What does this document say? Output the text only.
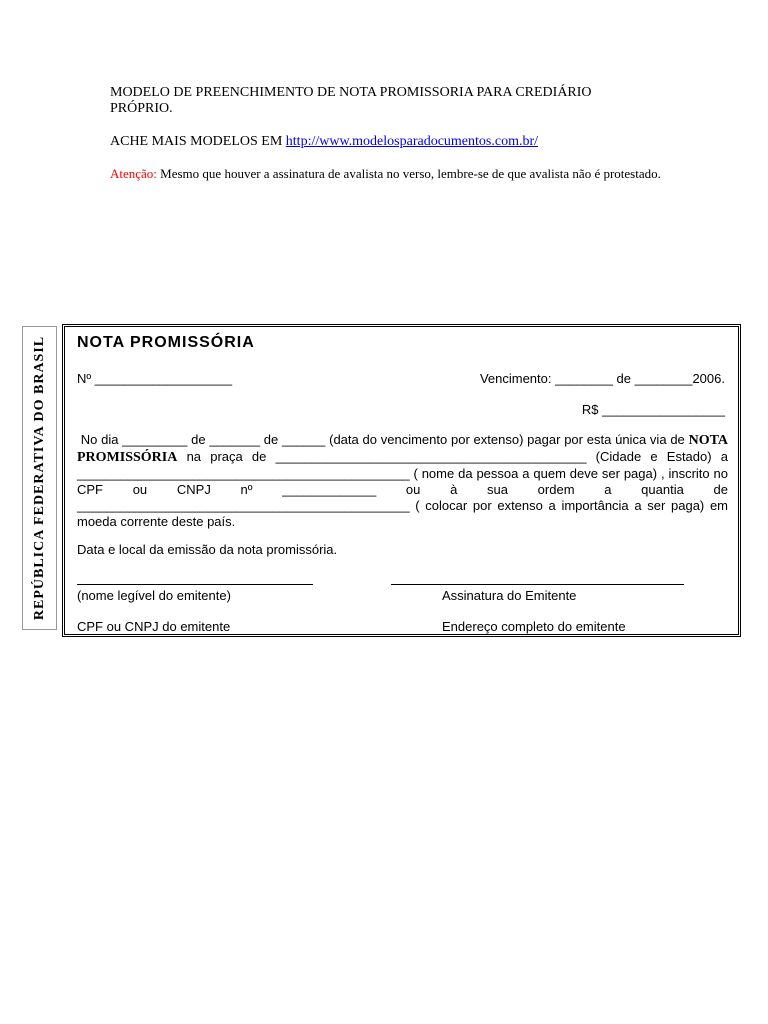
MODELO DE PREENCHIMENTO DE NOTA PROMISSORIA PARA CREDIÁRIO

PRÓPRIO.

ACHE MAIS MODELOS EM http://www.modelosparadocumentos.com.br/

Atenção: Mesmo que houver a assinatura de avalista no verso, lembre-se de que avalista não é protestado.

REPÚBLICA FEDERATIVA DO BRASIL NOTA PROMISSÓRIA
Nº ___________________	Vencimento: ________ de ________2006.
R$ _________________
No dia _________ de _______ de ______ (data do vencimento por extenso) pagar por esta única via de NOTA PROMISSÓRIA na praça de ___________________________________________ (Cidade e Estado) a ______________________________________________ ( nome da pessoa a quem deve ser paga) , inscrito no CPF ou CNPJ nº _____________ ou à sua ordem a quantia de ______________________________________________ ( colocar por extenso a importância a ser paga) em moeda corrente deste país.
Data e local da emissão da nota promissória.
(nome legível do emitente)	Assinatura do Emitente
CPF ou CNPJ do emitente	Endereço completo do emitente
